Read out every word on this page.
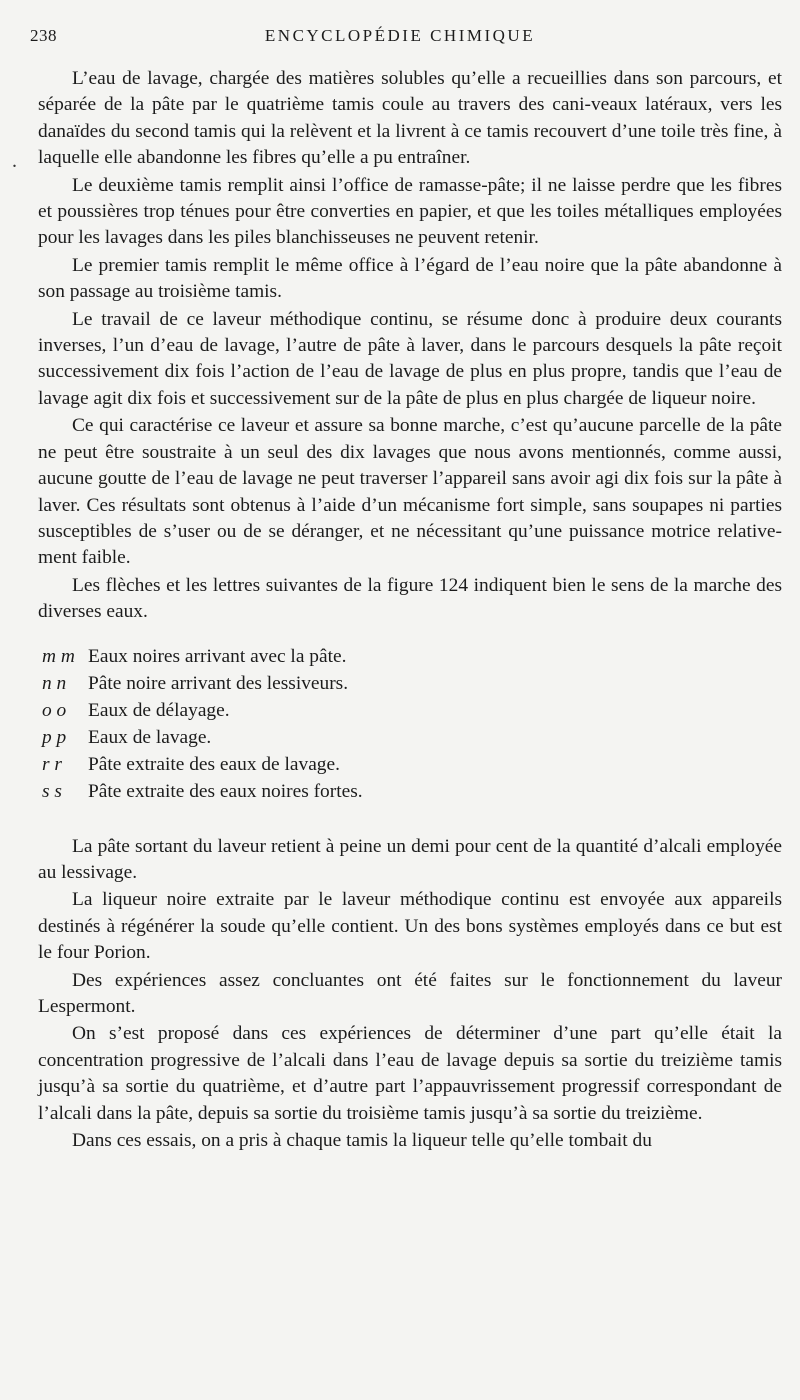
238	ENCYCLOPÉDIE CHIMIQUE
.

L’eau de lavage, chargée des matières solubles qu’elle a recueillies dans son parcours, et séparée de la pâte par le quatrième tamis coule au travers des cani-veaux latéraux, vers les danaïdes du second tamis qui la relèvent et la livrent à ce tamis recouvert d’une toile très fine, à laquelle elle abandonne les fibres qu’elle a pu entraîner.

Le deuxième tamis remplit ainsi l’office de ramasse-pâte; il ne laisse perdre que les fibres et poussières trop ténues pour être converties en papier, et que les toiles métalliques employées pour les lavages dans les piles blanchisseuses ne peuvent retenir.

Le premier tamis remplit le même office à l’égard de l’eau noire que la pâte abandonne à son passage au troisième tamis.

Le travail de ce laveur méthodique continu, se résume donc à produire deux courants inverses, l’un d’eau de lavage, l’autre de pâte à laver, dans le parcours desquels la pâte reçoit successivement dix fois l’action de l’eau de lavage de plus en plus propre, tandis que l’eau de lavage agit dix fois et successivement sur de la pâte de plus en plus chargée de liqueur noire.

Ce qui caractérise ce laveur et assure sa bonne marche, c’est qu’aucune parcelle de la pâte ne peut être soustraite à un seul des dix lavages que nous avons mentionnés, comme aussi, aucune goutte de l’eau de lavage ne peut traverser l’appareil sans avoir agi dix fois sur la pâte à laver. Ces résultats sont obtenus à l’aide d’un mécanisme fort simple, sans soupapes ni parties susceptibles de s’user ou de se déranger, et ne nécessitant qu’une puissance motrice relative-ment faible.

Les flèches et les lettres suivantes de la figure 124 indiquent bien le sens de la marche des diverses eaux.

m m Eaux noires arrivant avec la pâte.
n n	Pâte noire arrivant des lessiveurs.
o o	Eaux de délayage.
p p	Eaux de lavage.
r r	Pâte extraite des eaux de lavage.
s s	Pâte extraite des eaux noires fortes.

La pâte sortant du laveur retient à peine un demi pour cent de la quantité d’alcali employée au lessivage.

La liqueur noire extraite par le laveur méthodique continu est envoyée aux appareils destinés à régénérer la soude qu’elle contient. Un des bons systèmes employés dans ce but est le four Porion.

Des expériences assez concluantes ont été faites sur le fonctionnement du laveur Lespermont.

On s’est proposé dans ces expériences de déterminer d’une part qu’elle était la concentration progressive de l’alcali dans l’eau de lavage depuis sa sortie du treizième tamis jusqu’à sa sortie du quatrième, et d’autre part l’appauvrissement progressif correspondant de l’alcali dans la pâte, depuis sa sortie du troisième tamis jusqu’à sa sortie du treizième.

Dans ces essais, on a pris à chaque tamis la liqueur telle qu’elle tombait du
